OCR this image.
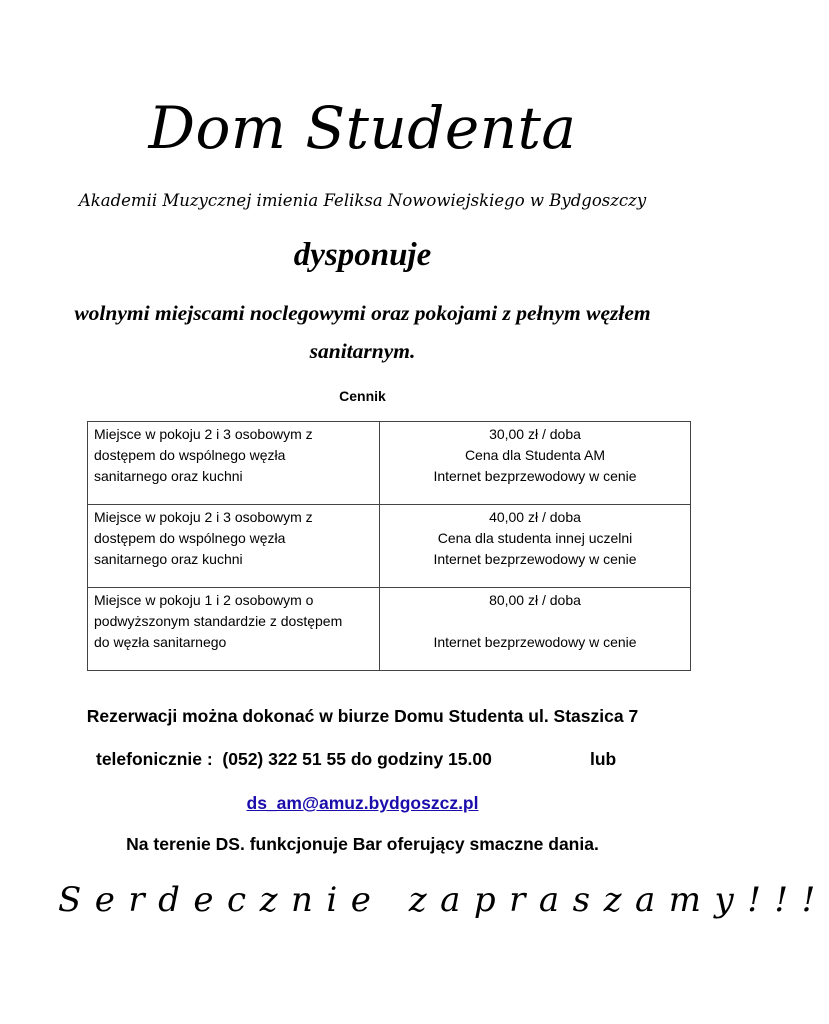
Dom Studenta
Akademii Muzycznej imienia Feliksa Nowowiejskiego w Bydgoszczy
dysponuje
wolnymi miejscami noclegowymi oraz pokojami z pełnym węzłem
sanitarnym.
Cennik
Miejsce w pokoju 2 i 3 osobowym z
dostępem do wspólnego węzła
sanitarnego oraz kuchni	30,00 zł / doba
Cena dla Studenta AM
Internet bezprzewodowy w cenie

Miejsce w pokoju 2 i 3 osobowym z
dostępem do wspólnego węzła
sanitarnego oraz kuchni	40,00 zł / doba
Cena dla studenta innej uczelni
Internet bezprzewodowy w cenie

Miejsce w pokoju 1 i 2 osobowym o
podwyższonym standardzie z dostępem
do węzła sanitarnego	80,00 zł / doba
Internet bezprzewodowy w cenie
Rezerwacji można dokonać w biurze Domu Studenta ul. Staszica 7
telefonicznie :  (052) 322 51 55 do godziny 15.00	lub
ds_am@amuz.bydgoszcz.pl
Na terenie DS. funkcjonuje Bar oferujący smaczne dania.
Serdecznie zapraszamy!!!
